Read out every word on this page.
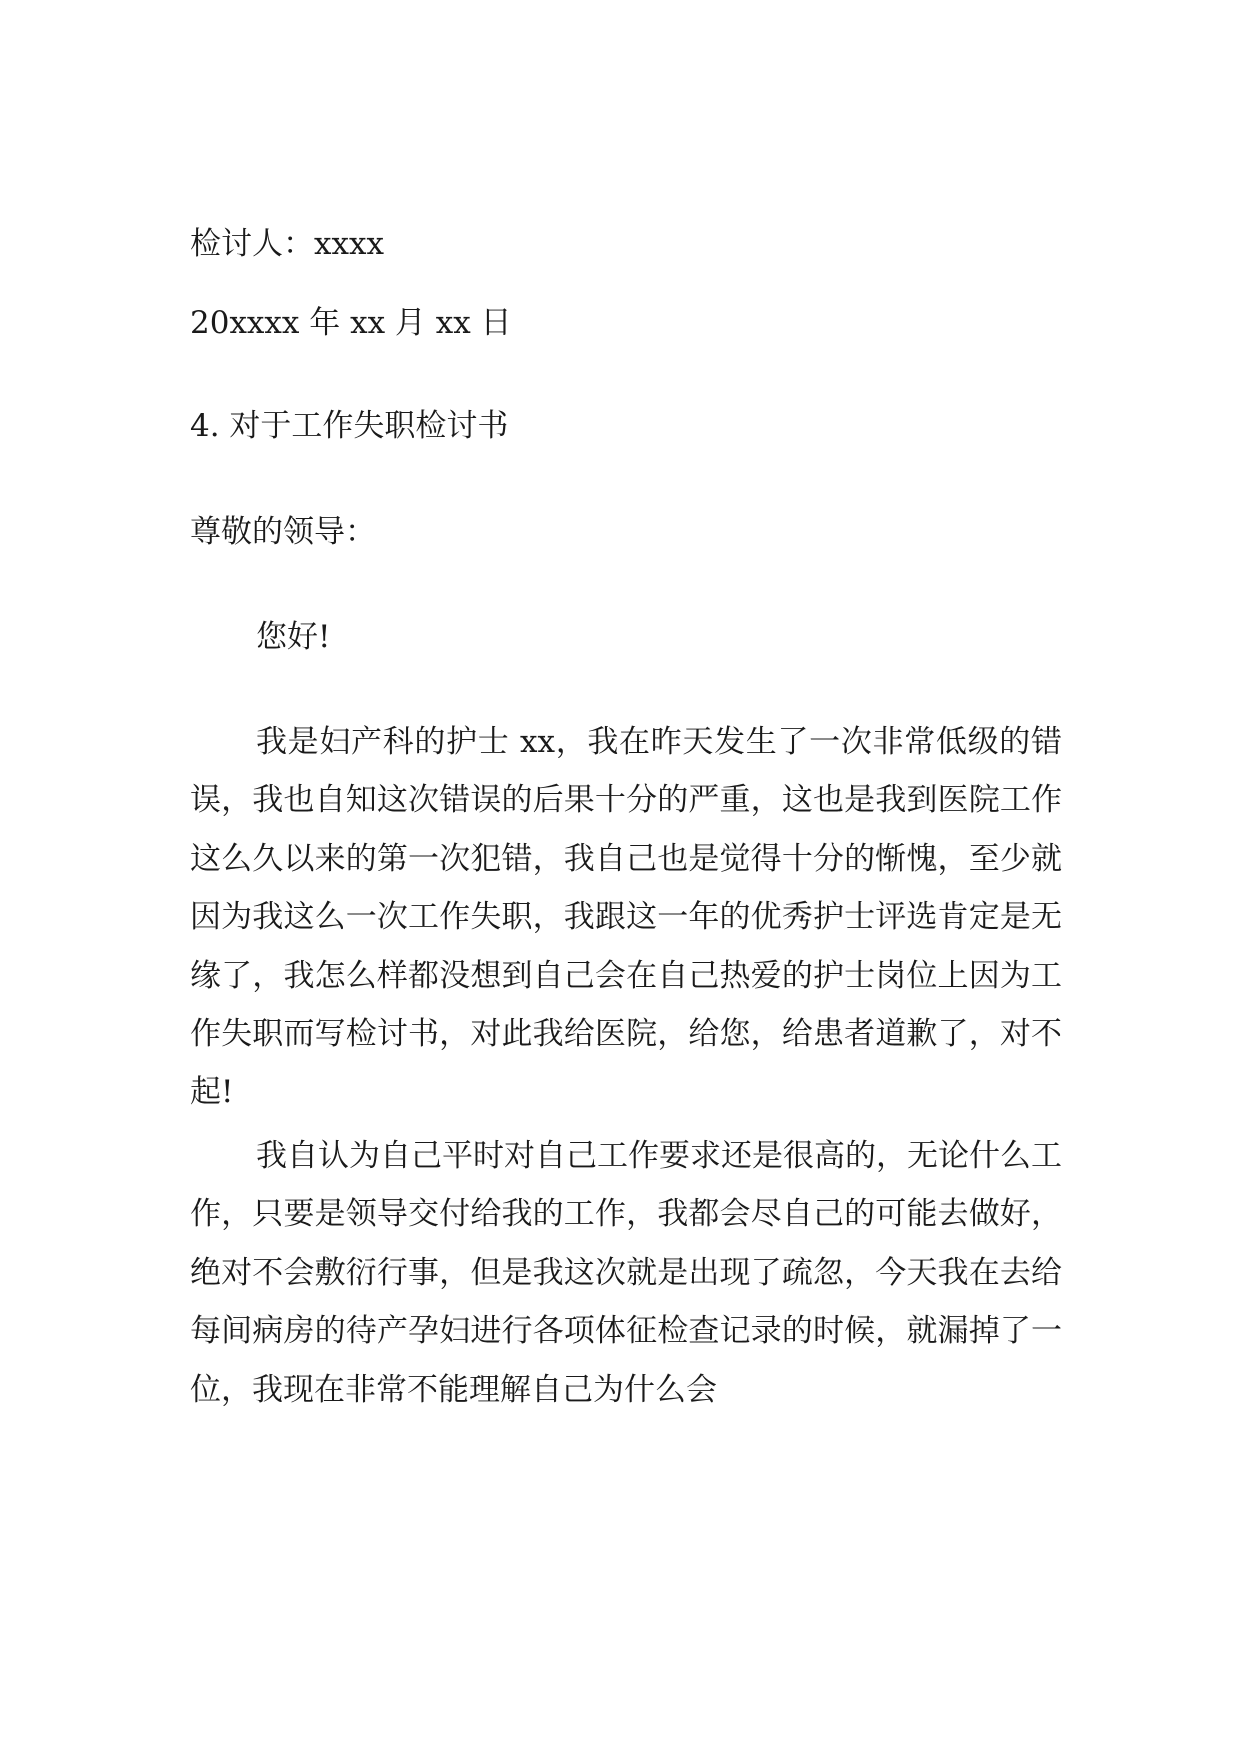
检讨人：xxxx
20xxxx 年 xx 月 xx 日
4. 对于工作失职检讨书
尊敬的领导：
您好!

我是妇产科的护士 xx，我在昨天发生了一次非常低级的错误，我也自知这次错误的后果十分的严重，这也是我到医院工作这么久以来的第一次犯错，我自己也是觉得十分的惭愧，至少就因为我这么一次工作失职，我跟这一年的优秀护士评选肯定是无缘了，我怎么样都没想到自己会在自己热爱的护士岗位上因为工作失职而写检讨书，对此我给医院，给您，给患者道歉了，对不起!

我自认为自己平时对自己工作要求还是很高的，无论什么工作，只要是领导交付给我的工作，我都会尽自己的可能去做好，绝对不会敷衍行事，但是我这次就是出现了疏忽，今天我在去给每间病房的待产孕妇进行各项体征检查记录的时候，就漏掉了一位，我现在非常不能理解自己为什么会
